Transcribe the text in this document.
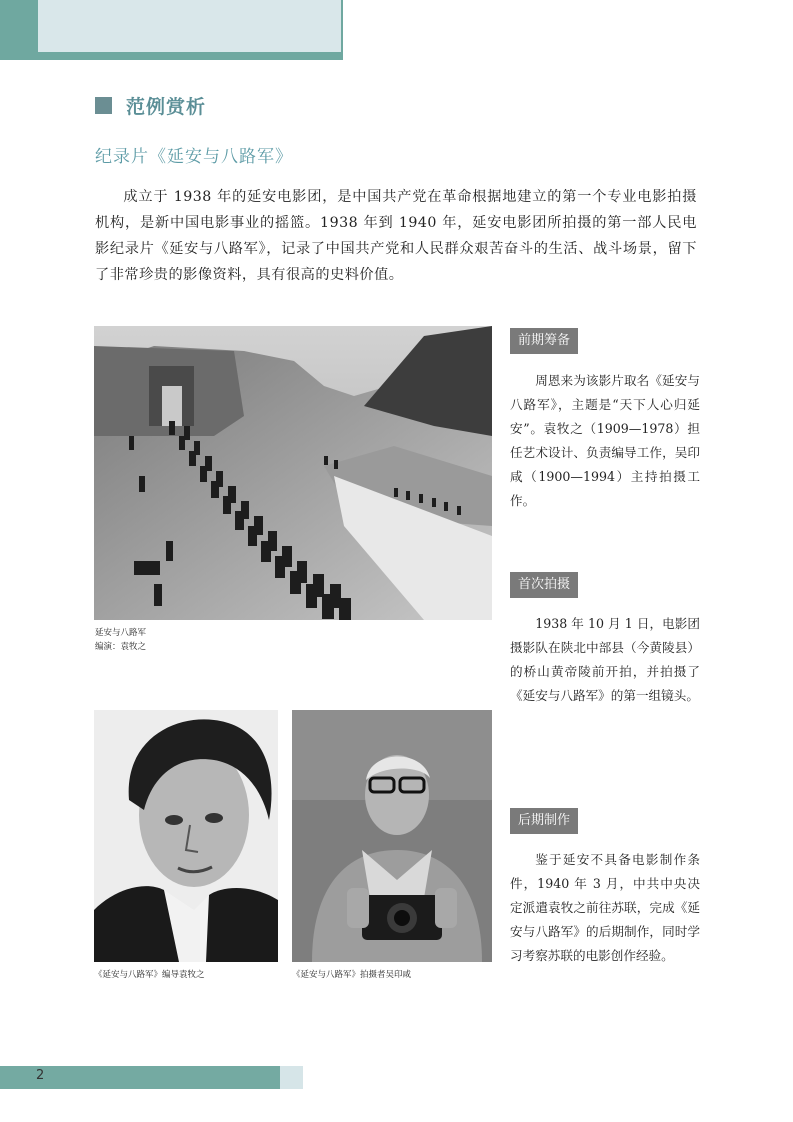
范例赏析
纪录片《延安与八路军》

成立于 1938 年的延安电影团，是中国共产党在革命根据地建立的第一个专业电影拍摄机构，是新中国电影事业的摇篮。1938 年到 1940 年，延安电影团所拍摄的第一部人民电影纪录片《延安与八路军》，记录了中国共产党和人民群众艰苦奋斗的生活、战斗场景，留下了非常珍贵的影像资料，具有很高的史料价值。

延安与八路军
编演：袁牧之
《延安与八路军》编导袁牧之	《延安与八路军》拍摄者吴印咸
前期筹备

周恩来为该影片取名《延安与八路军》，主题是“天下人心归延安”。袁牧之（1909—1978）担任艺术设计、负责编导工作，吴印咸（1900—1994）主持拍摄工作。

首次拍摄

1938 年 10 月 1 日，电影团摄影队在陕北中部县（今黄陵县）的桥山黄帝陵前开拍，并拍摄了《延安与八路军》的第一组镜头。

后期制作

鉴于延安不具备电影制作条件，1940 年 3 月，中共中央决定派遣袁牧之前往苏联，完成《延安与八路军》的后期制作，同时学习考察苏联的电影创作经验。

2
